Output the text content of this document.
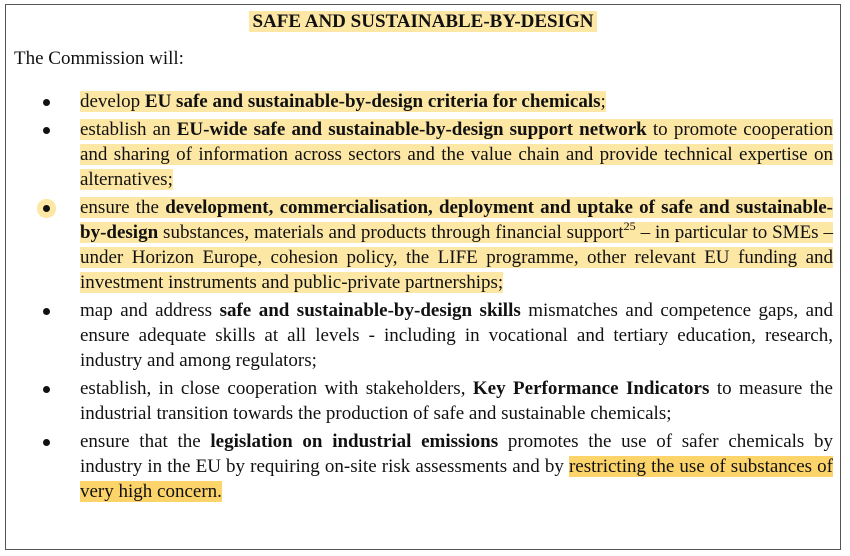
SAFE AND SUSTAINABLE-BY-DESIGN
The Commission will:
develop EU safe and sustainable-by-design criteria for chemicals;
establish an EU-wide safe and sustainable-by-design support network to promote cooperation and sharing of information across sectors and the value chain and provide technical expertise on alternatives;
ensure the development, commercialisation, deployment and uptake of safe and sustainable-by-design substances, materials and products through financial support$^{25}$ – in particular to SMEs – under Horizon Europe, cohesion policy, the LIFE programme, other relevant EU funding and investment instruments and public-private partnerships;
map and address safe and sustainable-by-design skills mismatches and competence gaps, and ensure adequate skills at all levels - including in vocational and tertiary education, research, industry and among regulators;
establish, in close cooperation with stakeholders, Key Performance Indicators to measure the industrial transition towards the production of safe and sustainable chemicals;
ensure that the legislation on industrial emissions promotes the use of safer chemicals by industry in the EU by requiring on-site risk assessments and by restricting the use of substances of very high concern.
